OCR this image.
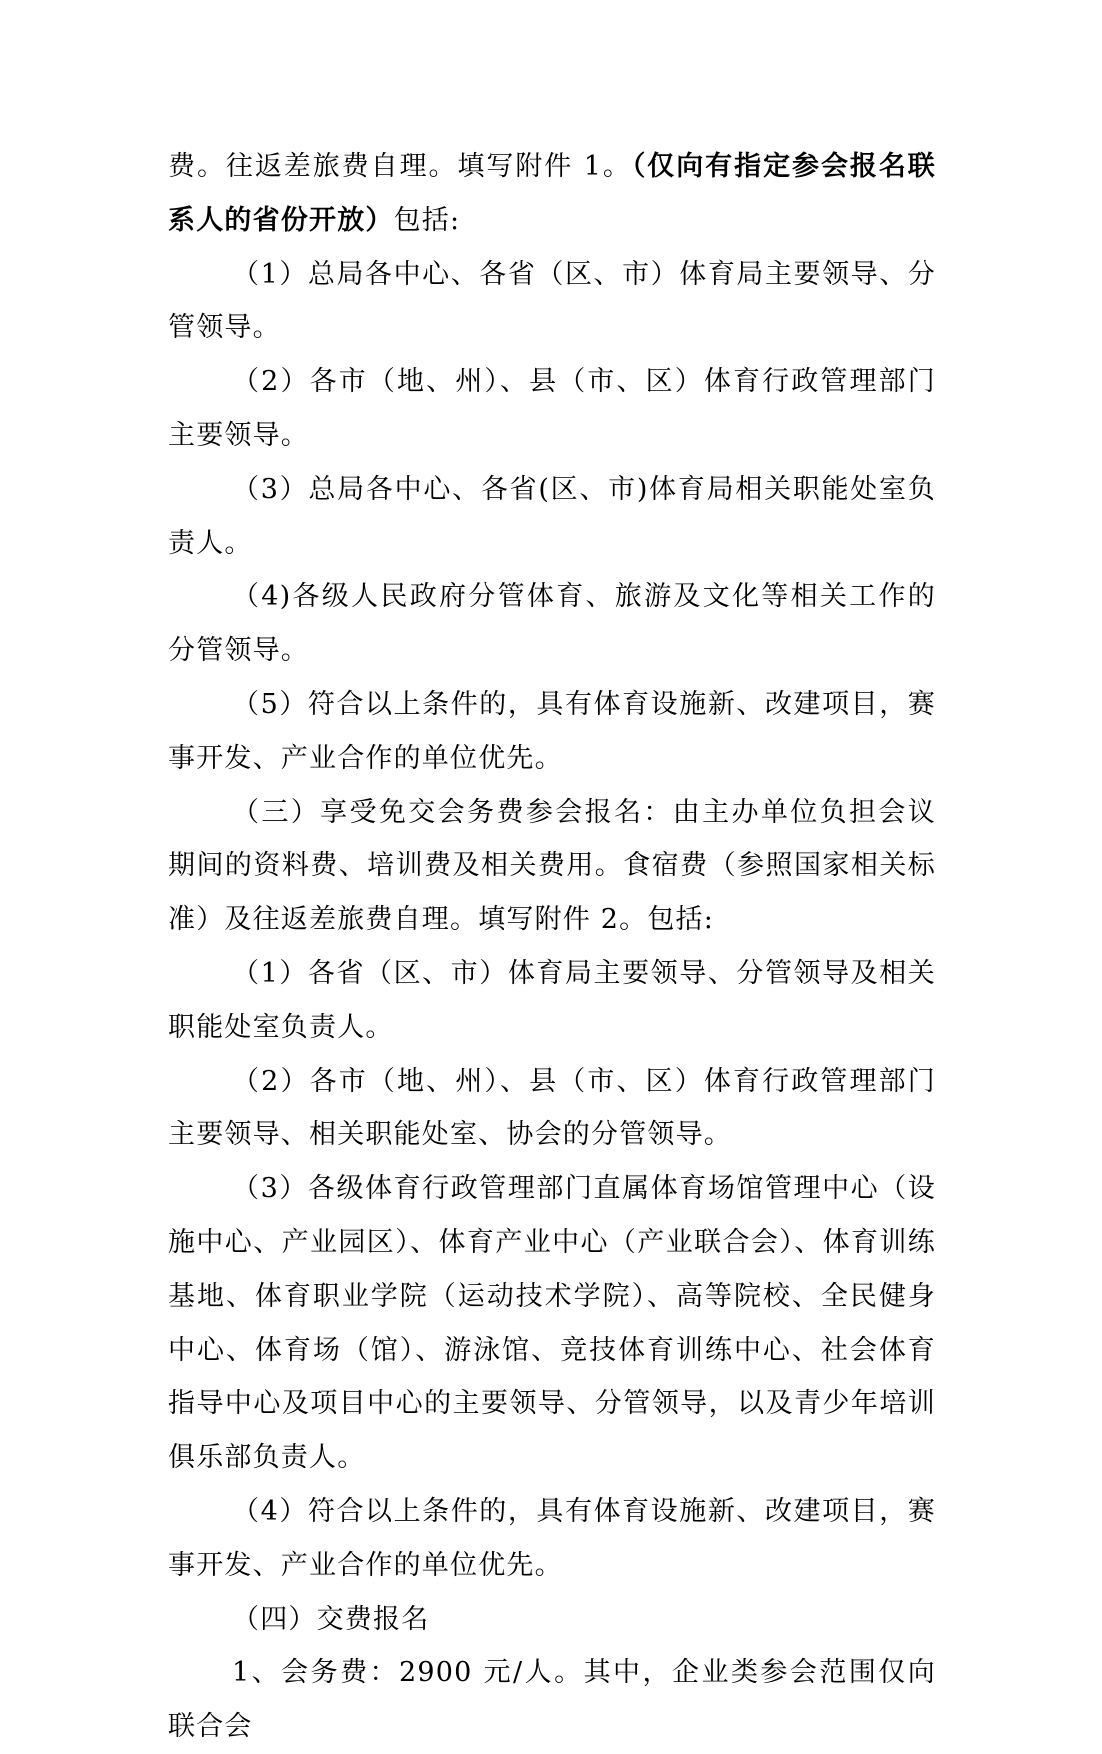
费。往返差旅费自理。填写附件 1。（仅向有指定参会报名联系人的省份开放）包括:

（1）总局各中心、各省（区、市）体育局主要领导、分管领导。

（2）各市（地、州）、县（市、区）体育行政管理部门主要领导。

（3）总局各中心、各省(区、市)体育局相关职能处室负责人。

（4)各级人民政府分管体育、旅游及文化等相关工作的分管领导。

（5）符合以上条件的，具有体育设施新、改建项目，赛事开发、产业合作的单位优先。

（三）享受免交会务费参会报名：由主办单位负担会议期间的资料费、培训费及相关费用。食宿费（参照国家相关标准）及往返差旅费自理。填写附件 2。包括:

（1）各省（区、市）体育局主要领导、分管领导及相关职能处室负责人。

（2）各市（地、州）、县（市、区）体育行政管理部门主要领导、相关职能处室、协会的分管领导。

（3）各级体育行政管理部门直属体育场馆管理中心（设施中心、产业园区）、体育产业中心（产业联合会）、体育训练基地、体育职业学院（运动技术学院）、高等院校、全民健身中心、体育场（馆）、游泳馆、竞技体育训练中心、社会体育指导中心及项目中心的主要领导、分管领导，以及青少年培训俱乐部负责人。

（4）符合以上条件的，具有体育设施新、改建项目，赛事开发、产业合作的单位优先。

（四）交费报名

1、会务费：2900 元/人。其中，企业类参会范围仅向联合会
